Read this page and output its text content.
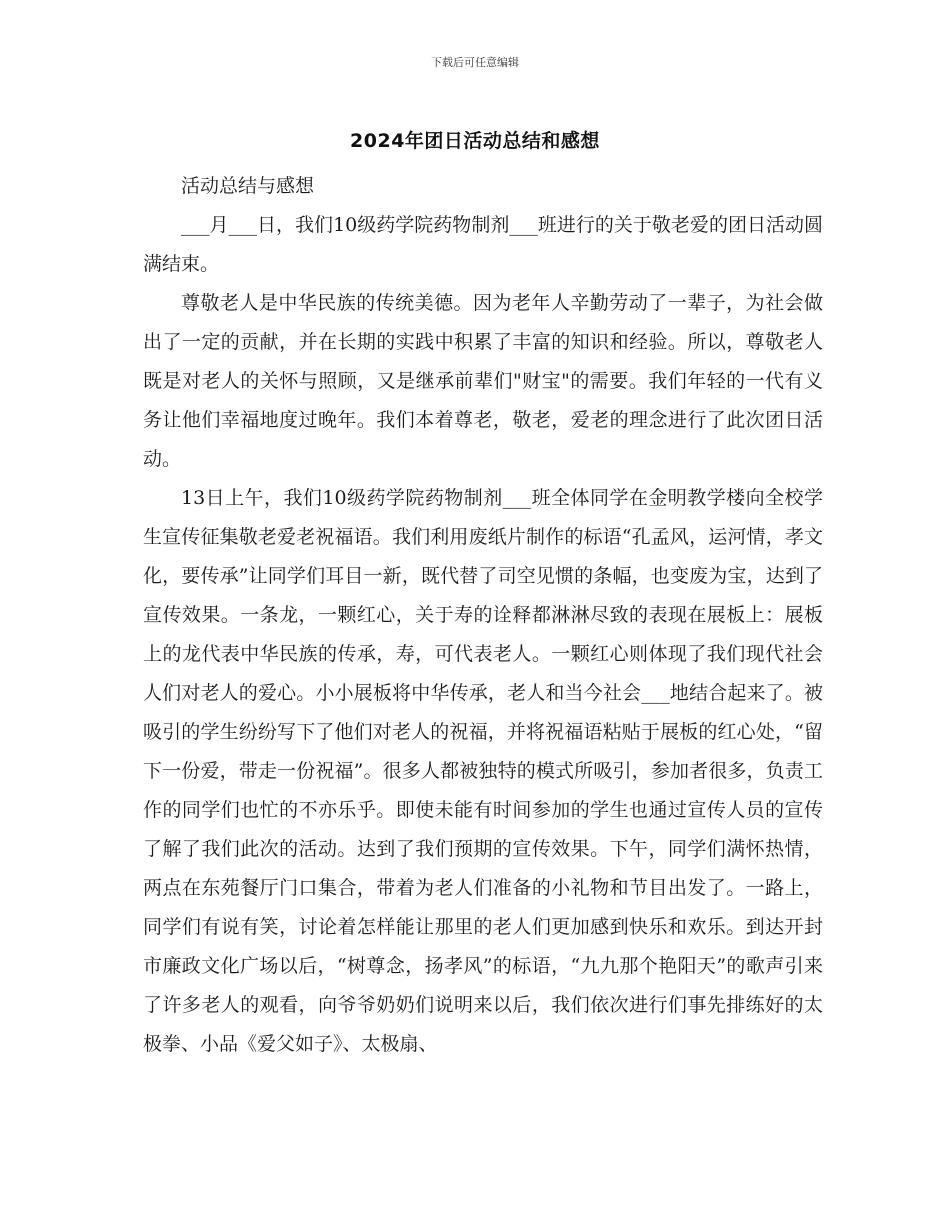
下载后可任意编辑
2024年团日活动总结和感想

活动总结与感想

___月___日，我们10级药学院药物制剂___班进行的关于敬老爱的团日活动圆满结束。

尊敬老人是中华民族的传统美德。因为老年人辛勤劳动了一辈子，为社会做出了一定的贡献，并在长期的实践中积累了丰富的知识和经验。所以，尊敬老人既是对老人的关怀与照顾，又是继承前辈们"财宝"的需要。我们年轻的一代有义务让他们幸福地度过晚年。我们本着尊老，敬老，爱老的理念进行了此次团日活动。

13日上午，我们10级药学院药物制剂___班全体同学在金明教学楼向全校学生宣传征集敬老爱老祝福语。我们利用废纸片制作的标语“孔孟风，运河情，孝文化，要传承”让同学们耳目一新，既代替了司空见惯的条幅，也变废为宝，达到了宣传效果。一条龙，一颗红心，关于寿的诠释都淋淋尽致的表现在展板上：展板上的龙代表中华民族的传承，寿，可代表老人。一颗红心则体现了我们现代社会人们对老人的爱心。小小展板将中华传承，老人和当今社会___地结合起来了。被吸引的学生纷纷写下了他们对老人的祝福，并将祝福语粘贴于展板的红心处，“留下一份爱，带走一份祝福”。很多人都被独特的模式所吸引，参加者很多，负责工作的同学们也忙的不亦乐乎。即使未能有时间参加的学生也通过宣传人员的宣传了解了我们此次的活动。达到了我们预期的宣传效果。下午，同学们满怀热情，两点在东苑餐厅门口集合，带着为老人们准备的小礼物和节目出发了。一路上，同学们有说有笑，讨论着怎样能让那里的老人们更加感到快乐和欢乐。到达开封市廉政文化广场以后，“树尊念，扬孝风”的标语，“九九那个艳阳天”的歌声引来了许多老人的观看，向爷爷奶奶们说明来以后，我们依次进行们事先排练好的太极拳、小品《爱父如子》、太极扇、
